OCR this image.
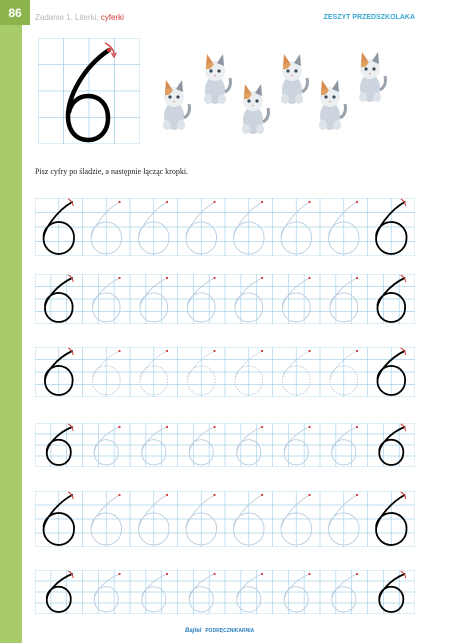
86	Zadanie 1. Literki, cyferki	ZESZYT PRZEDSZKOLAKA
Pisz cyfry po śladzie, a następnie łącząc kropki.
Bajtel PODRĘCZNIKARNIA
